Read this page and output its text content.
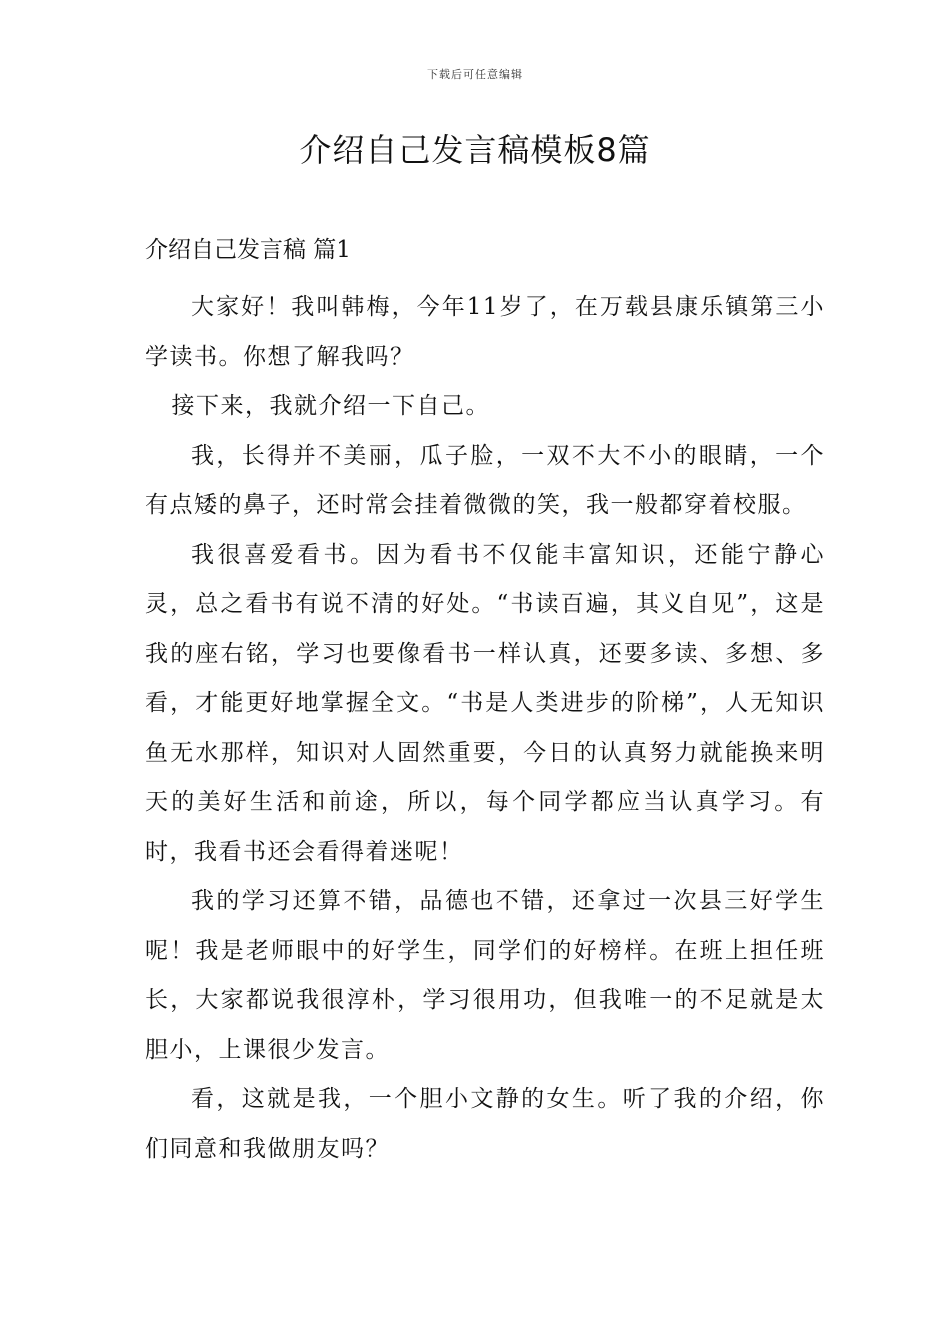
下载后可任意编辑
介绍自己发言稿模板8篇
介绍自己发言稿 篇1

大家好！我叫韩梅，今年11岁了，在万载县康乐镇第三小学读书。你想了解我吗？

接下来，我就介绍一下自己。

我，长得并不美丽，瓜子脸，一双不大不小的眼睛，一个有点矮的鼻子，还时常会挂着微微的笑，我一般都穿着校服。

我很喜爱看书。因为看书不仅能丰富知识，还能宁静心灵，总之看书有说不清的好处。“书读百遍，其义自见”，这是我的座右铭，学习也要像看书一样认真，还要多读、多想、多看，才能更好地掌握全文。“书是人类进步的阶梯”，人无知识鱼无水那样，知识对人固然重要，今日的认真努力就能换来明天的美好生活和前途，所以，每个同学都应当认真学习。有时，我看书还会看得着迷呢！

我的学习还算不错，品德也不错，还拿过一次县三好学生呢！我是老师眼中的好学生，同学们的好榜样。在班上担任班长，大家都说我很淳朴，学习很用功，但我唯一的不足就是太胆小，上课很少发言。

看，这就是我，一个胆小文静的女生。听了我的介绍，你们同意和我做朋友吗？
